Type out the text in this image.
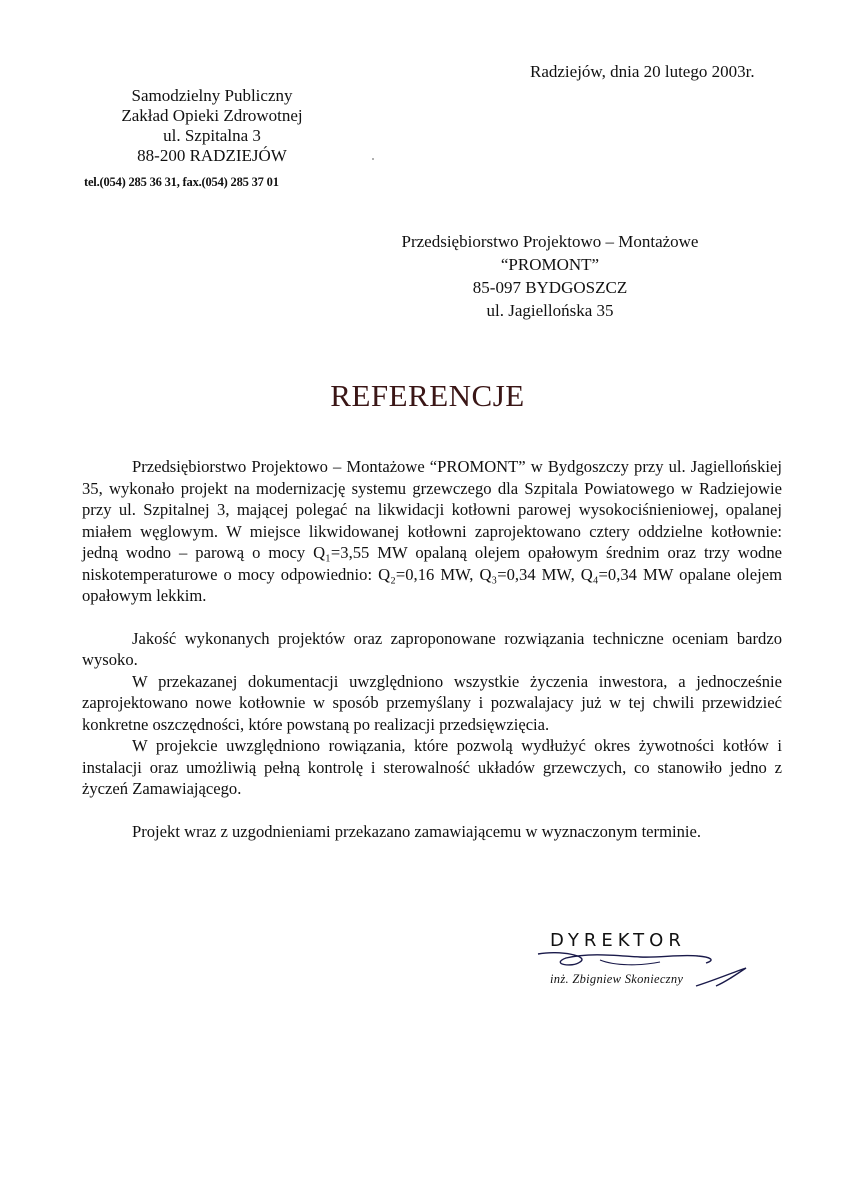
Radziejów, dnia 20 lutego 2003r.
Samodzielny Publiczny
Zakład Opieki Zdrowotnej
ul. Szpitalna 3
88-200 RADZIEJÓW
tel.(054) 285 36 31, fax.(054) 285 37 01
Przedsiębiorstwo Projektowo – Montażowe
“PROMONT”
85-097 BYDGOSZCZ
ul. Jagiellońska 35
REFERENCJE

Przedsiębiorstwo Projektowo – Montażowe “PROMONT” w Bydgoszczy przy ul. Jagiellońskiej 35, wykonało projekt na modernizację systemu grzewczego dla Szpitala Powiatowego w Radziejowie przy ul. Szpitalnej 3, mającej polegać na likwidacji kotłowni parowej wysokociśnieniowej, opalanej miałem węglowym. W miejsce likwidowanej kotłowni zaprojektowano cztery oddzielne kotłownie: jedną wodno – parową o mocy Q₁=3,55 MW opalaną olejem opałowym średnim oraz trzy wodne niskotemperaturowe o mocy odpowiednio: Q₂=0,16 MW, Q₃=0,34 MW, Q₄=0,34 MW opalane olejem opałowym lekkim.

Jakość wykonanych projektów oraz zaproponowane rozwiązania techniczne oceniam bardzo wysoko.

W przekazanej dokumentacji uwzględniono wszystkie życzenia inwestora, a jednocześnie zaprojektowano nowe kotłownie w sposób przemyślany i pozwalajacy już w tej chwili przewidzieć konkretne oszczędności, które powstaną po realizacji przedsięwzięcia.

W projekcie uwzględniono rowiązania, które pozwolą wydłużyć okres żywotności kotłów i instalacji oraz umożliwią pełną kontrolę i sterowalność układów grzewczych, co stanowiło jedno z życzeń Zamawiającego.

Projekt wraz z uzgodnieniami przekazano zamawiającemu w wyznaczonym terminie.

DYREKTOR
inż. Zbigniew Skonieczny
